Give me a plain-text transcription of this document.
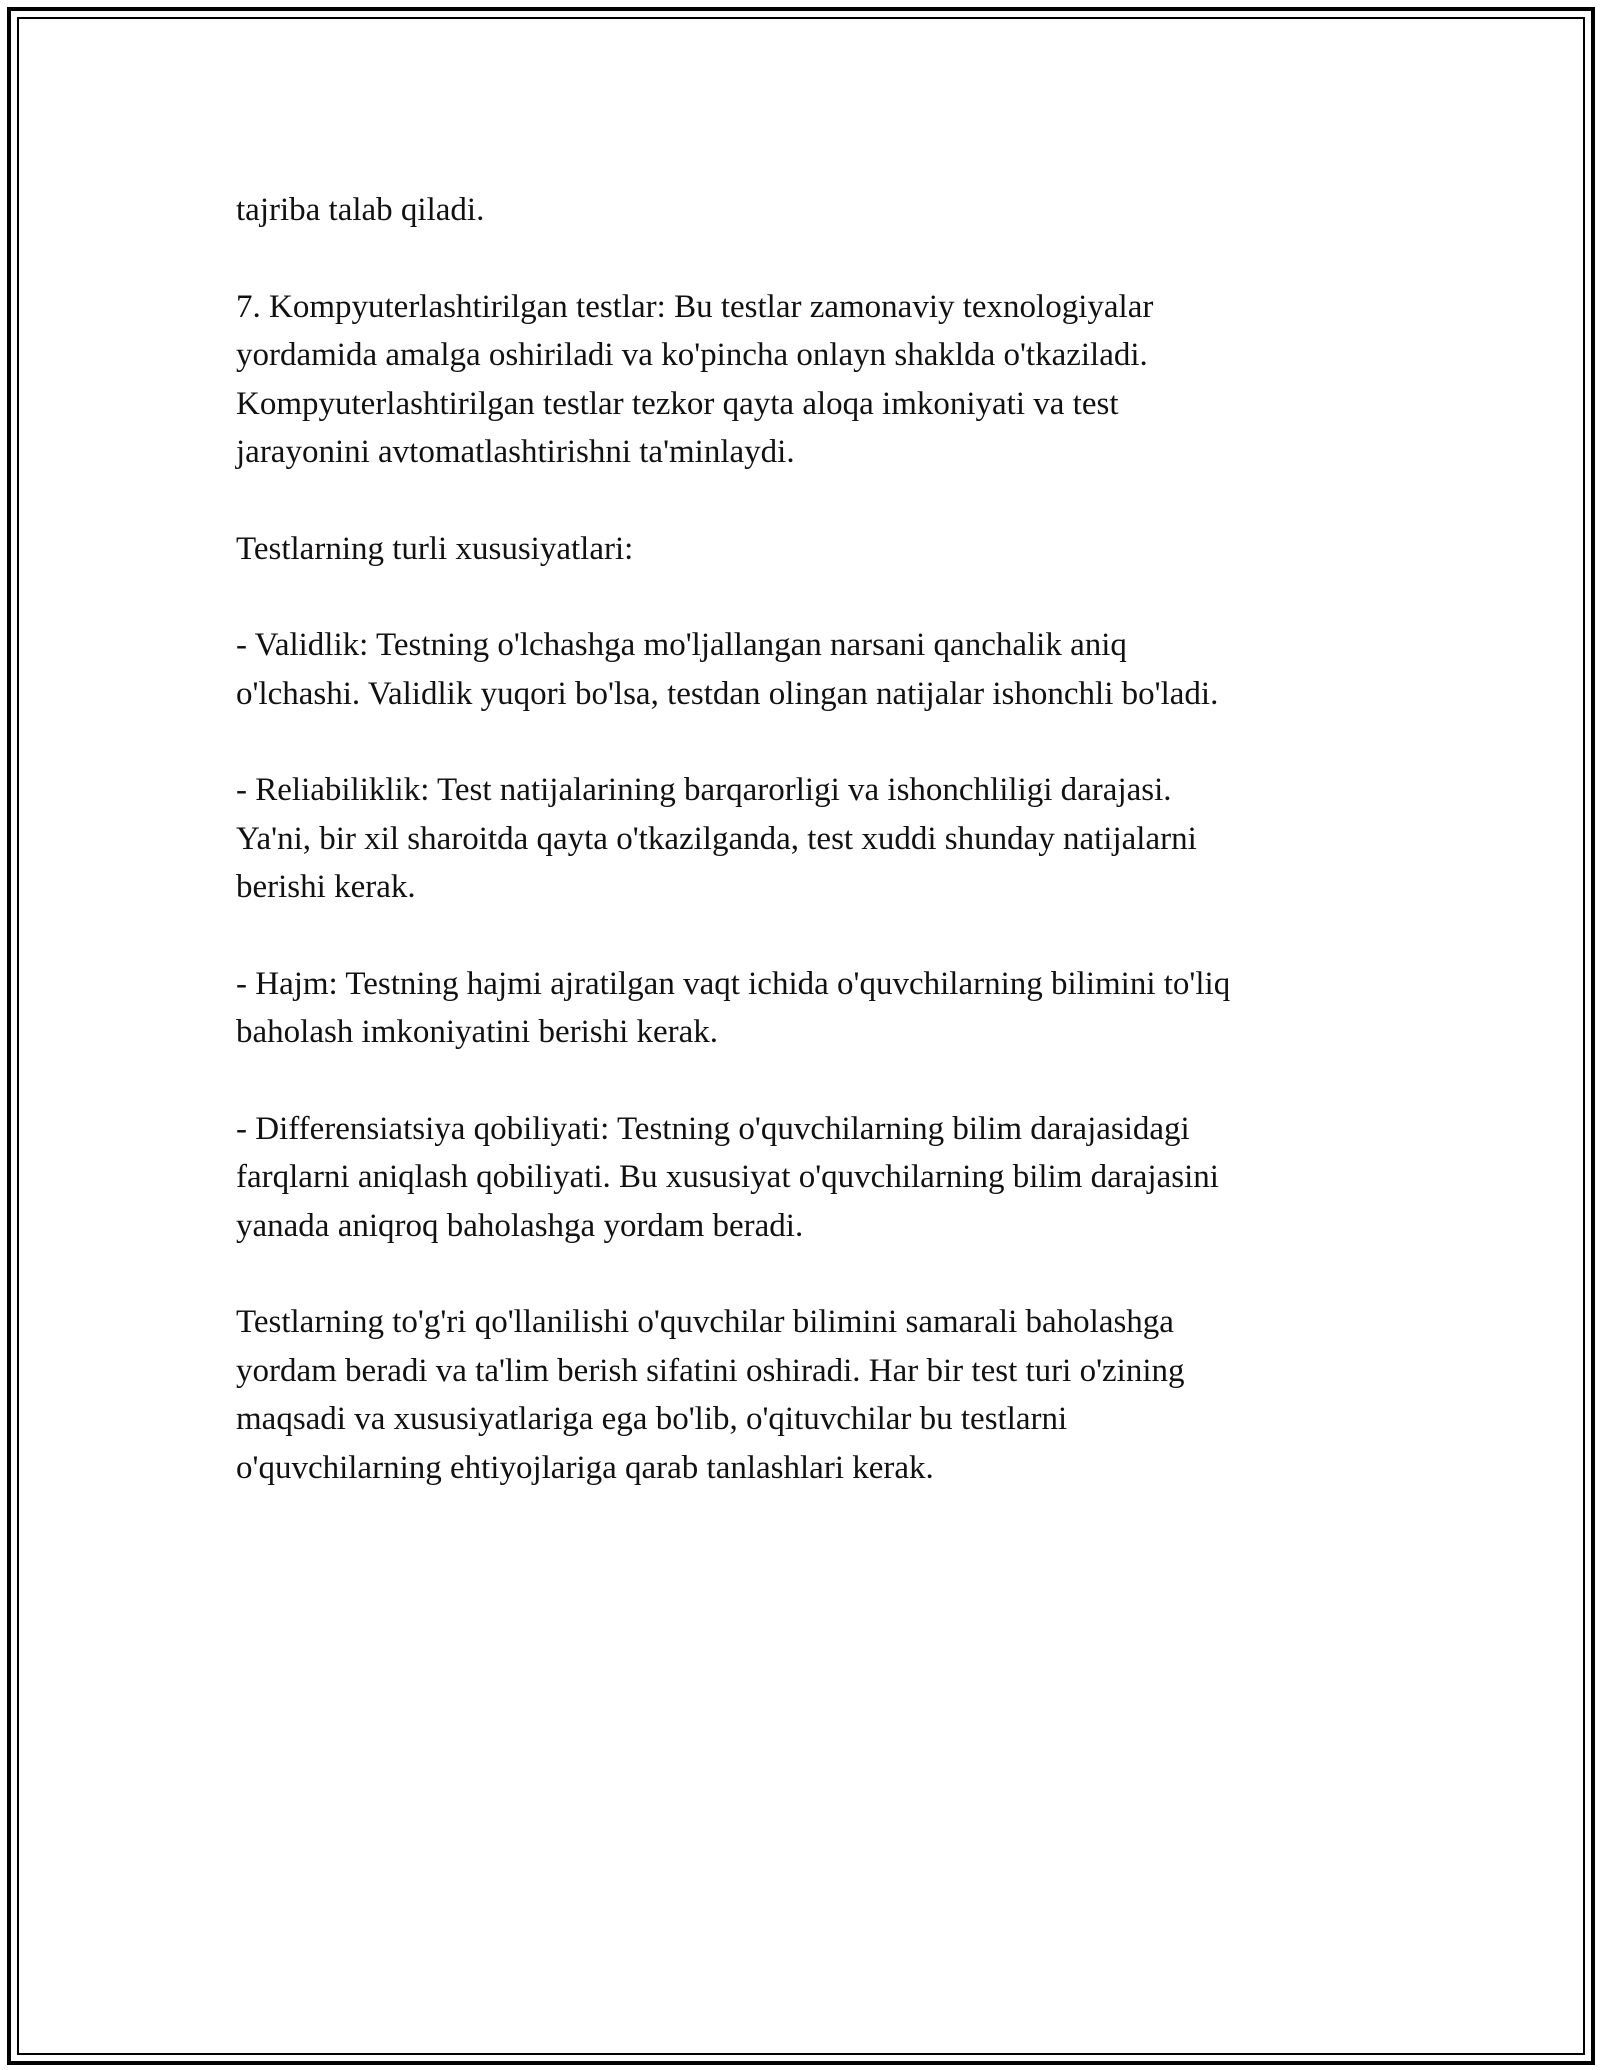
tajriba talab qiladi.

7. Kompyuterlashtirilgan testlar: Bu testlar zamonaviy texnologiyalar

yordamida amalga oshiriladi va ko'pincha onlayn shaklda o'tkaziladi.

Kompyuterlashtirilgan testlar tezkor qayta aloqa imkoniyati va test

jarayonini avtomatlashtirishni ta'minlaydi.

Testlarning turli xususiyatlari:

- Validlik: Testning o'lchashga mo'ljallangan narsani qanchalik aniq

o'lchashi. Validlik yuqori bo'lsa, testdan olingan natijalar ishonchli bo'ladi.

- Reliabiliklik: Test natijalarining barqarorligi va ishonchliligi darajasi.

Ya'ni, bir xil sharoitda qayta o'tkazilganda, test xuddi shunday natijalarni

berishi kerak.

- Hajm: Testning hajmi ajratilgan vaqt ichida o'quvchilarning bilimini to'liq

baholash imkoniyatini berishi kerak.

- Differensiatsiya qobiliyati: Testning o'quvchilarning bilim darajasidagi

farqlarni aniqlash qobiliyati. Bu xususiyat o'quvchilarning bilim darajasini

yanada aniqroq baholashga yordam beradi.

Testlarning to'g'ri qo'llanilishi o'quvchilar bilimini samarali baholashga

yordam beradi va ta'lim berish sifatini oshiradi. Har bir test turi o'zining

maqsadi va xususiyatlariga ega bo'lib, o'qituvchilar bu testlarni

o'quvchilarning ehtiyojlariga qarab tanlashlari kerak.
